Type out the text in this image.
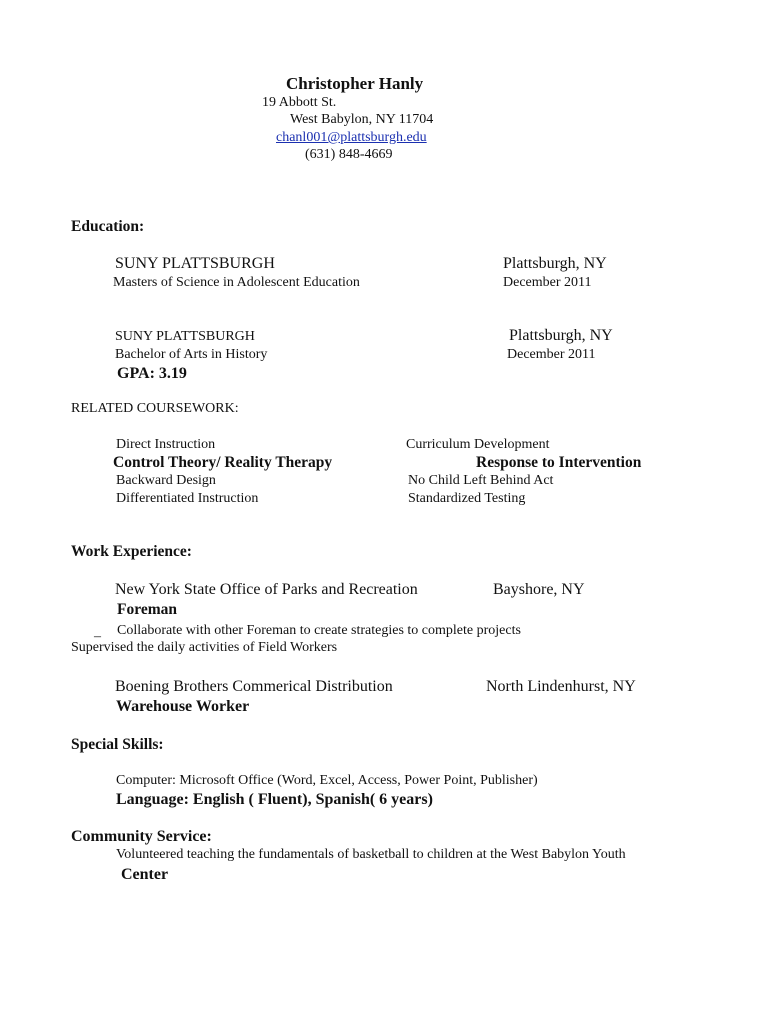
Christopher Hanly
19 Abbott St.
West Babylon, NY 11704
chanl001@plattsburgh.edu
(631) 848-4669
Education:
SUNY PLATTSBURGH	Plattsburgh, NY
Masters of Science in Adolescent Education	December 2011
SUNY PLATTSBURGH	Plattsburgh, NY
Bachelor of Arts in History	December 2011
GPA: 3.19
RELATED COURSEWORK:
Direct Instruction	Curriculum Development
Control Theory/ Reality Therapy	Response to Intervention
Backward Design	No Child Left Behind Act
Differentiated Instruction	Standardized Testing
Work Experience:
New York State Office of Parks and Recreation	Bayshore, NY
Foreman
– Collaborate with other Foreman to create strategies to complete projects
Supervised the daily activities of Field Workers
Boening Brothers Commerical Distribution	North Lindenhurst, NY
Warehouse Worker
Special Skills:
Computer: Microsoft Office (Word, Excel, Access, Power Point, Publisher)
Language: English ( Fluent), Spanish( 6 years)
Community Service:
Volunteered teaching the fundamentals of basketball to children at the West Babylon Youth
Center
